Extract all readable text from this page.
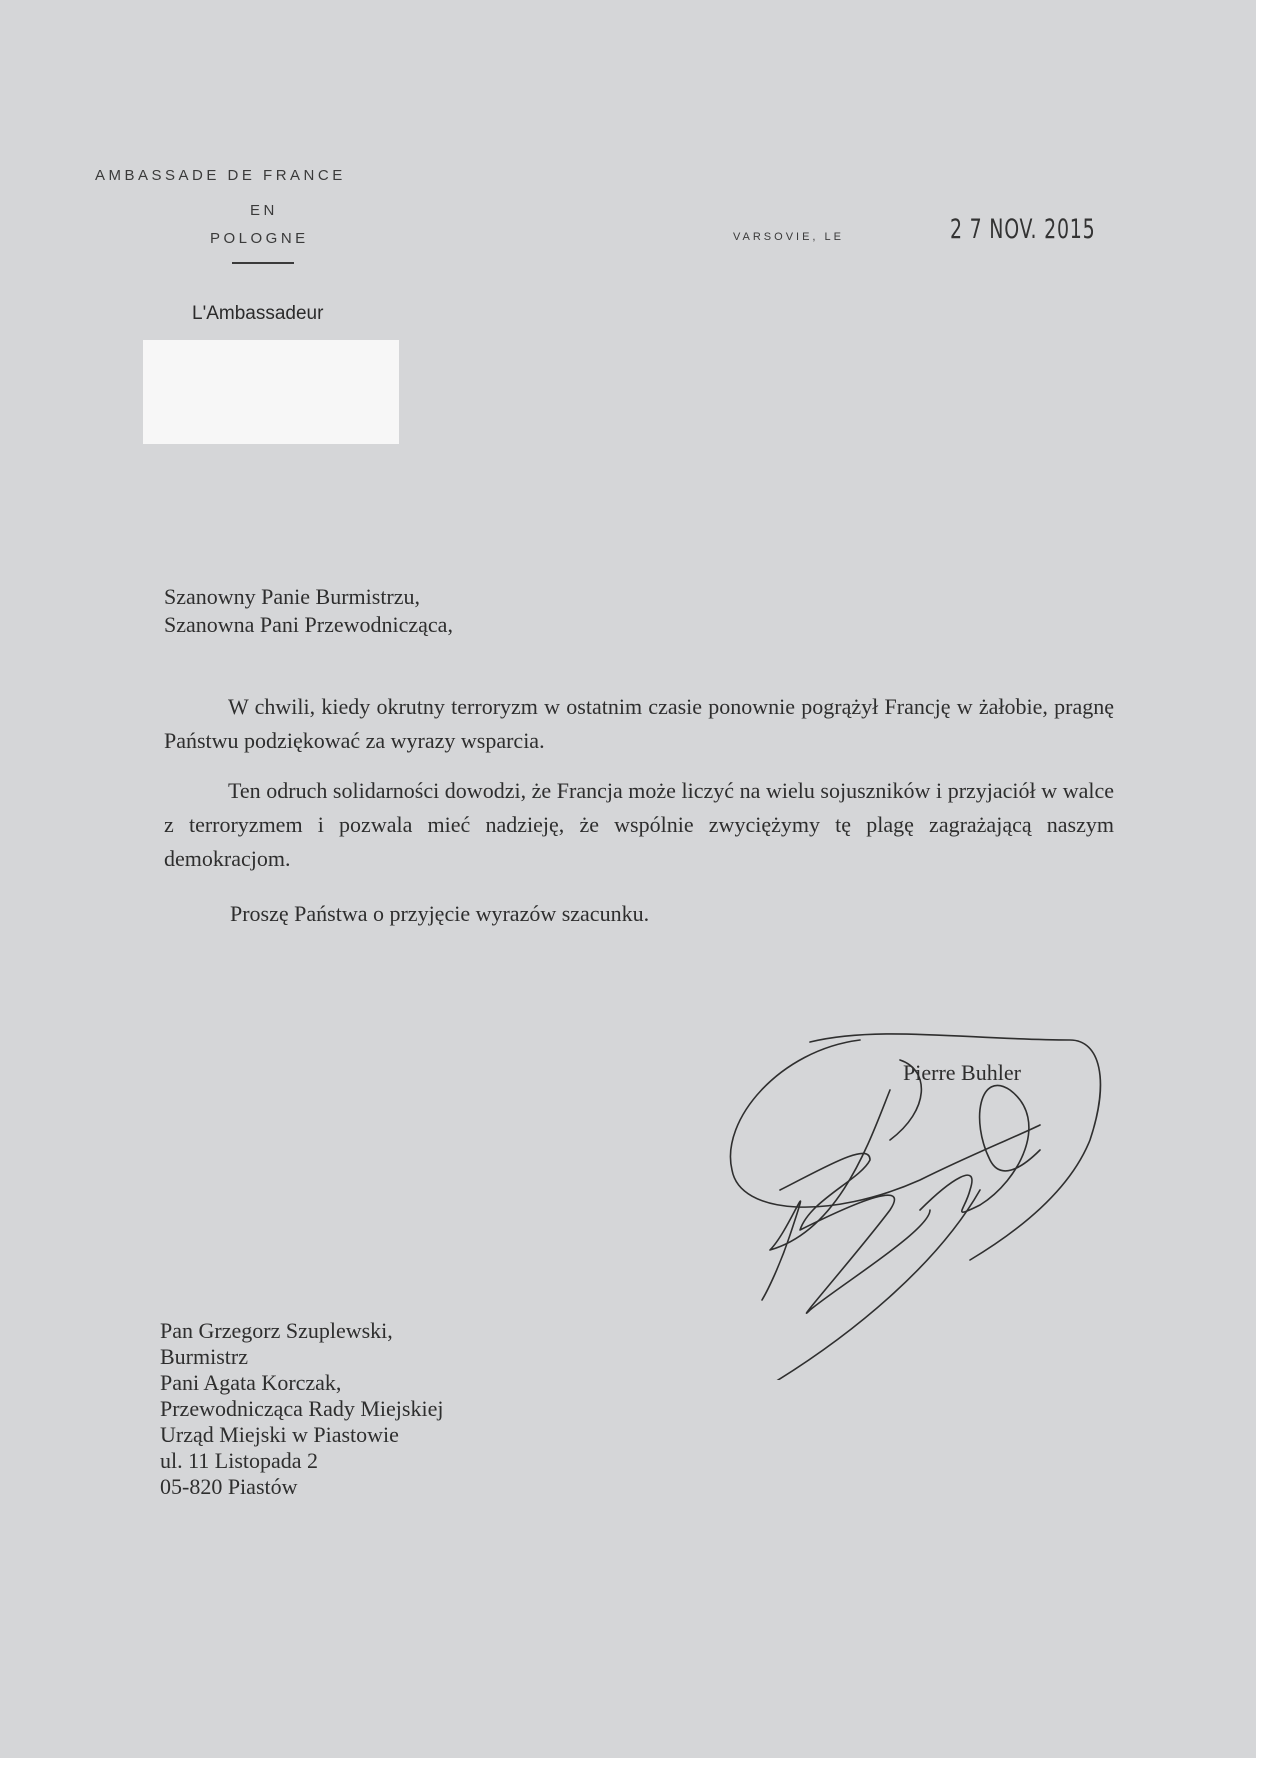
AMBASSADE DE FRANCE
EN
POLOGNE	VARSOVIE, LE	2 7 NOV. 2015
L'Ambassadeur
Szanowny Panie Burmistrzu,
Szanowna Pani Przewodnicząca,
W chwili, kiedy okrutny terroryzm w ostatnim czasie ponownie pogrążył Francję w żałobie, pragnę Państwu podziękować za wyrazy wsparcia.
Ten odruch solidarności dowodzi, że Francja może liczyć na wielu sojuszników i przyjaciół w walce z terroryzmem i pozwala mieć nadzieję, że wspólnie zwyciężymy tę plagę zagrażającą naszym demokracjom.
Proszę Państwa o przyjęcie wyrazów szacunku.
Pierre Buhler
Pan Grzegorz Szuplewski,
Burmistrz
Pani Agata Korczak,
Przewodnicząca Rady Miejskiej
Urząd Miejski w Piastowie
ul. 11 Listopada 2
05-820 Piastów
